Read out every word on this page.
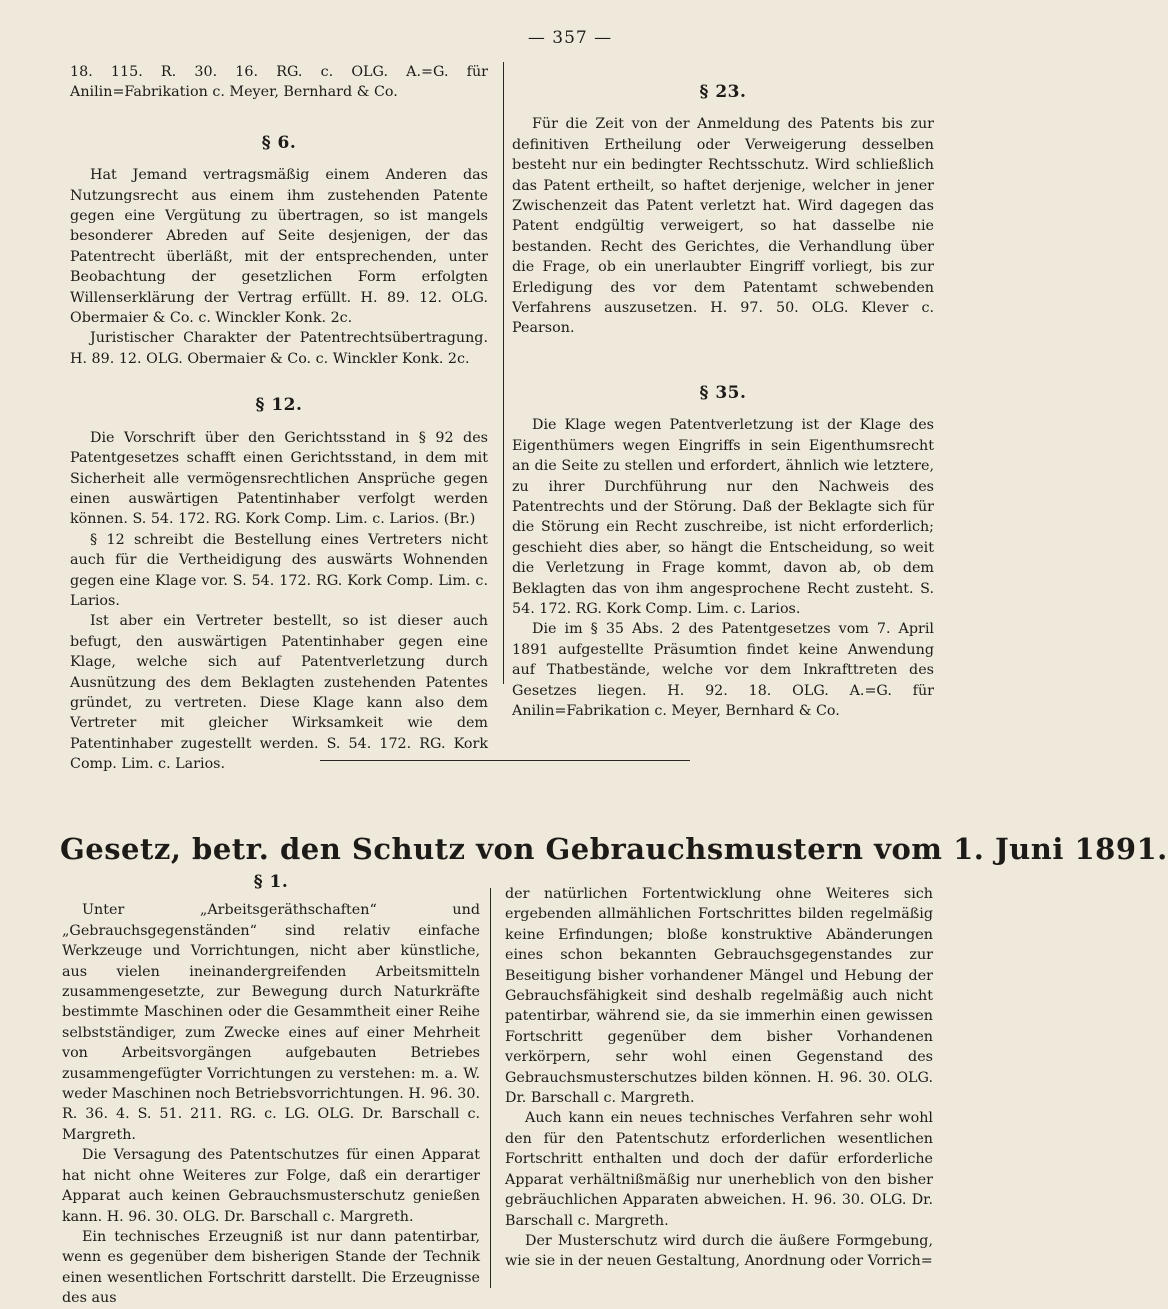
— 357 —

18. 115. R. 30. 16. RG. c. OLG. A.=G. für Anilin=Fabrikation c. Meyer, Bernhard & Co.

§ 6.

Hat Jemand vertragsmäßig einem Anderen das Nutzungsrecht aus einem ihm zustehenden Patente gegen eine Vergütung zu übertragen, so ist mangels besonderer Abreden auf Seite desjenigen, der das Patentrecht überläßt, mit der entsprechenden, unter Beobachtung der gesetzlichen Form erfolgten Willenserklärung der Vertrag erfüllt. H. 89. 12. OLG. Obermaier & Co. c. Winckler Konk. 2c.

Juristischer Charakter der Patentrechtsübertragung. H. 89. 12. OLG. Obermaier & Co. c. Winckler Konk. 2c.

§ 12.

Die Vorschrift über den Gerichtsstand in § 92 des Patentgesetzes schafft einen Gerichtsstand, in dem mit Sicherheit alle vermögensrechtlichen Ansprüche gegen einen auswärtigen Patentinhaber verfolgt werden können. S. 54. 172. RG. Kork Comp. Lim. c. Larios. (Br.)

§ 12 schreibt die Bestellung eines Vertreters nicht auch für die Vertheidigung des auswärts Wohnenden gegen eine Klage vor. S. 54. 172. RG. Kork Comp. Lim. c. Larios.

Ist aber ein Vertreter bestellt, so ist dieser auch befugt, den auswärtigen Patentinhaber gegen eine Klage, welche sich auf Patentverletzung durch Ausnützung des dem Beklagten zustehenden Patentes gründet, zu vertreten. Diese Klage kann also dem Vertreter mit gleicher Wirksamkeit wie dem Patentinhaber zugestellt werden. S. 54. 172. RG. Kork Comp. Lim. c. Larios.

§ 23.

Für die Zeit von der Anmeldung des Patents bis zur definitiven Ertheilung oder Verweigerung desselben besteht nur ein bedingter Rechtsschutz. Wird schließlich das Patent ertheilt, so haftet derjenige, welcher in jener Zwischenzeit das Patent verletzt hat. Wird dagegen das Patent endgültig verweigert, so hat dasselbe nie bestanden. Recht des Gerichtes, die Verhandlung über die Frage, ob ein unerlaubter Eingriff vorliegt, bis zur Erledigung des vor dem Patentamt schwebenden Verfahrens auszusetzen. H. 97. 50. OLG. Klever c. Pearson.

§ 35.

Die Klage wegen Patentverletzung ist der Klage des Eigenthümers wegen Eingriffs in sein Eigenthumsrecht an die Seite zu stellen und erfordert, ähnlich wie letztere, zu ihrer Durchführung nur den Nachweis des Patentrechts und der Störung. Daß der Beklagte sich für die Störung ein Recht zuschreibe, ist nicht erforderlich; geschieht dies aber, so hängt die Entscheidung, so weit die Verletzung in Frage kommt, davon ab, ob dem Beklagten das von ihm angesprochene Recht zusteht. S. 54. 172. RG. Kork Comp. Lim. c. Larios.

Die im § 35 Abs. 2 des Patentgesetzes vom 7. April 1891 aufgestellte Präsumtion findet keine Anwendung auf Thatbestände, welche vor dem Inkrafttreten des Gesetzes liegen. H. 92. 18. OLG. A.=G. für Anilin=Fabrikation c. Meyer, Bernhard & Co.

Gesetz, betr. den Schutz von Gebrauchsmustern vom 1. Juni 1891.
§ 1.

Unter „Arbeitsgeräthschaften“ und „Gebrauchsgegenständen“ sind relativ einfache Werkzeuge und Vorrichtungen, nicht aber künstliche, aus vielen ineinandergreifenden Arbeitsmitteln zusammengesetzte, zur Bewegung durch Naturkräfte bestimmte Maschinen oder die Gesammtheit einer Reihe selbstständiger, zum Zwecke eines auf einer Mehrheit von Arbeitsvorgängen aufgebauten Betriebes zusammengefügter Vorrichtungen zu verstehen: m. a. W. weder Maschinen noch Betriebsvorrichtungen. H. 96. 30. R. 36. 4. S. 51. 211. RG. c. LG. OLG. Dr. Barschall c. Margreth.

Die Versagung des Patentschutzes für einen Apparat hat nicht ohne Weiteres zur Folge, daß ein derartiger Apparat auch keinen Gebrauchsmusterschutz genießen kann. H. 96. 30. OLG. Dr. Barschall c. Margreth.

Ein technisches Erzeugniß ist nur dann patentirbar, wenn es gegenüber dem bisherigen Stande der Technik einen wesentlichen Fortschritt darstellt. Die Erzeugnisse des aus

der natürlichen Fortentwicklung ohne Weiteres sich ergebenden allmählichen Fortschrittes bilden regelmäßig keine Erfindungen; bloße konstruktive Abänderungen eines schon bekannten Gebrauchsgegenstandes zur Beseitigung bisher vorhandener Mängel und Hebung der Gebrauchsfähigkeit sind deshalb regelmäßig auch nicht patentirbar, während sie, da sie immerhin einen gewissen Fortschritt gegenüber dem bisher Vorhandenen verkörpern, sehr wohl einen Gegenstand des Gebrauchsmusterschutzes bilden können. H. 96. 30. OLG. Dr. Barschall c. Margreth.

Auch kann ein neues technisches Verfahren sehr wohl den für den Patentschutz erforderlichen wesentlichen Fortschritt enthalten und doch der dafür erforderliche Apparat verhältnißmäßig nur unerheblich von den bisher gebräuchlichen Apparaten abweichen. H. 96. 30. OLG. Dr. Barschall c. Margreth.

Der Musterschutz wird durch die äußere Formgebung, wie sie in der neuen Gestaltung, Anordnung oder Vorrich=
